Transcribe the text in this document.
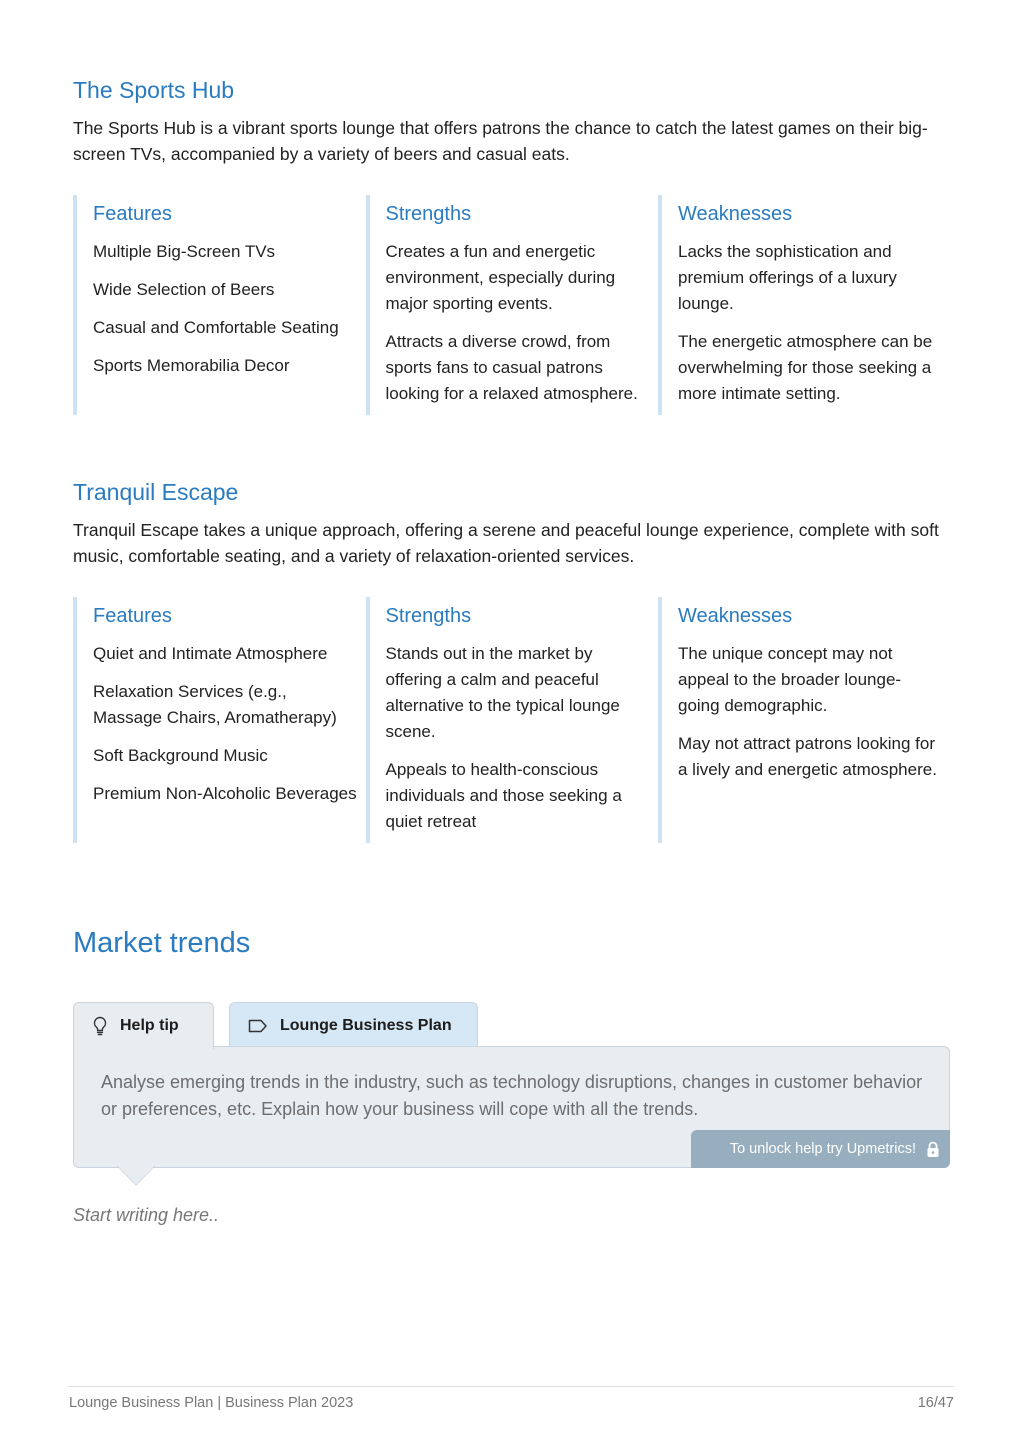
The Sports Hub

The Sports Hub is a vibrant sports lounge that offers patrons the chance to catch the latest games on their big-screen TVs, accompanied by a variety of beers and casual eats.

Features
Multiple Big-Screen TVs
Wide Selection of Beers
Casual and Comfortable Seating
Sports Memorabilia Decor
Strengths
Creates a fun and energetic environment, especially during major sporting events.
Attracts a diverse crowd, from sports fans to casual patrons looking for a relaxed atmosphere.
Weaknesses
Lacks the sophistication and premium offerings of a luxury lounge.
The energetic atmosphere can be overwhelming for those seeking a more intimate setting.
Tranquil Escape

Tranquil Escape takes a unique approach, offering a serene and peaceful lounge experience, complete with soft music, comfortable seating, and a variety of relaxation-oriented services.

Features
Quiet and Intimate Atmosphere
Relaxation Services (e.g., Massage Chairs, Aromatherapy)
Soft Background Music
Premium Non-Alcoholic Beverages
Strengths
Stands out in the market by offering a calm and peaceful alternative to the typical lounge scene.
Appeals to health-conscious individuals and those seeking a quiet retreat
Weaknesses
The unique concept may not appeal to the broader lounge-going demographic.
May not attract patrons looking for a lively and energetic atmosphere.
Market trends
Help tip	Lounge Business Plan

Analyse emerging trends in the industry, such as technology disruptions, changes in customer behavior or preferences, etc. Explain how your business will cope with all the trends.

To unlock help try Upmetrics!
Start writing here..
Lounge Business Plan | Business Plan 2023	16/47
